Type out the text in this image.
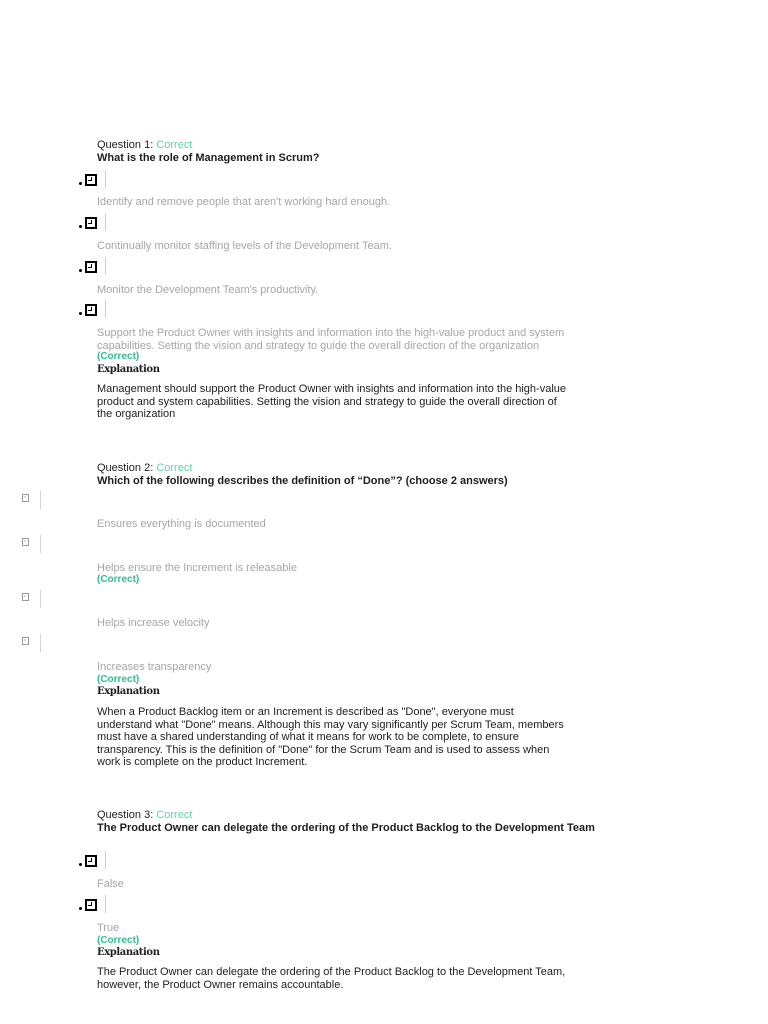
Question 1: Correct
What is the role of Management in Scrum?
Identify and remove people that aren't working hard enough.
Continually monitor staffing levels of the Development Team.
Monitor the Development Team's productivity.
Support the Product Owner with insights and information into the high-value product and system capabilities. Setting the vision and strategy to guide the overall direction of the organization
(Correct)
Explanation
Management should support the Product Owner with insights and information into the high-value product and system capabilities. Setting the vision and strategy to guide the overall direction of the organization
Question 2: Correct
Which of the following describes the definition of “Done”? (choose 2 answers)
Ensures everything is documented
Helps ensure the Increment is releasable
(Correct)
Helps increase velocity
Increases transparency
(Correct)
Explanation
When a Product Backlog item or an Increment is described as "Done", everyone must understand what "Done" means. Although this may vary significantly per Scrum Team, members must have a shared understanding of what it means for work to be complete, to ensure transparency. This is the definition of "Done" for the Scrum Team and is used to assess when work is complete on the product Increment.
Question 3: Correct
The Product Owner can delegate the ordering of the Product Backlog to the Development Team
False
True
(Correct)
Explanation
The Product Owner can delegate the ordering of the Product Backlog to the Development Team, however, the Product Owner remains accountable.
